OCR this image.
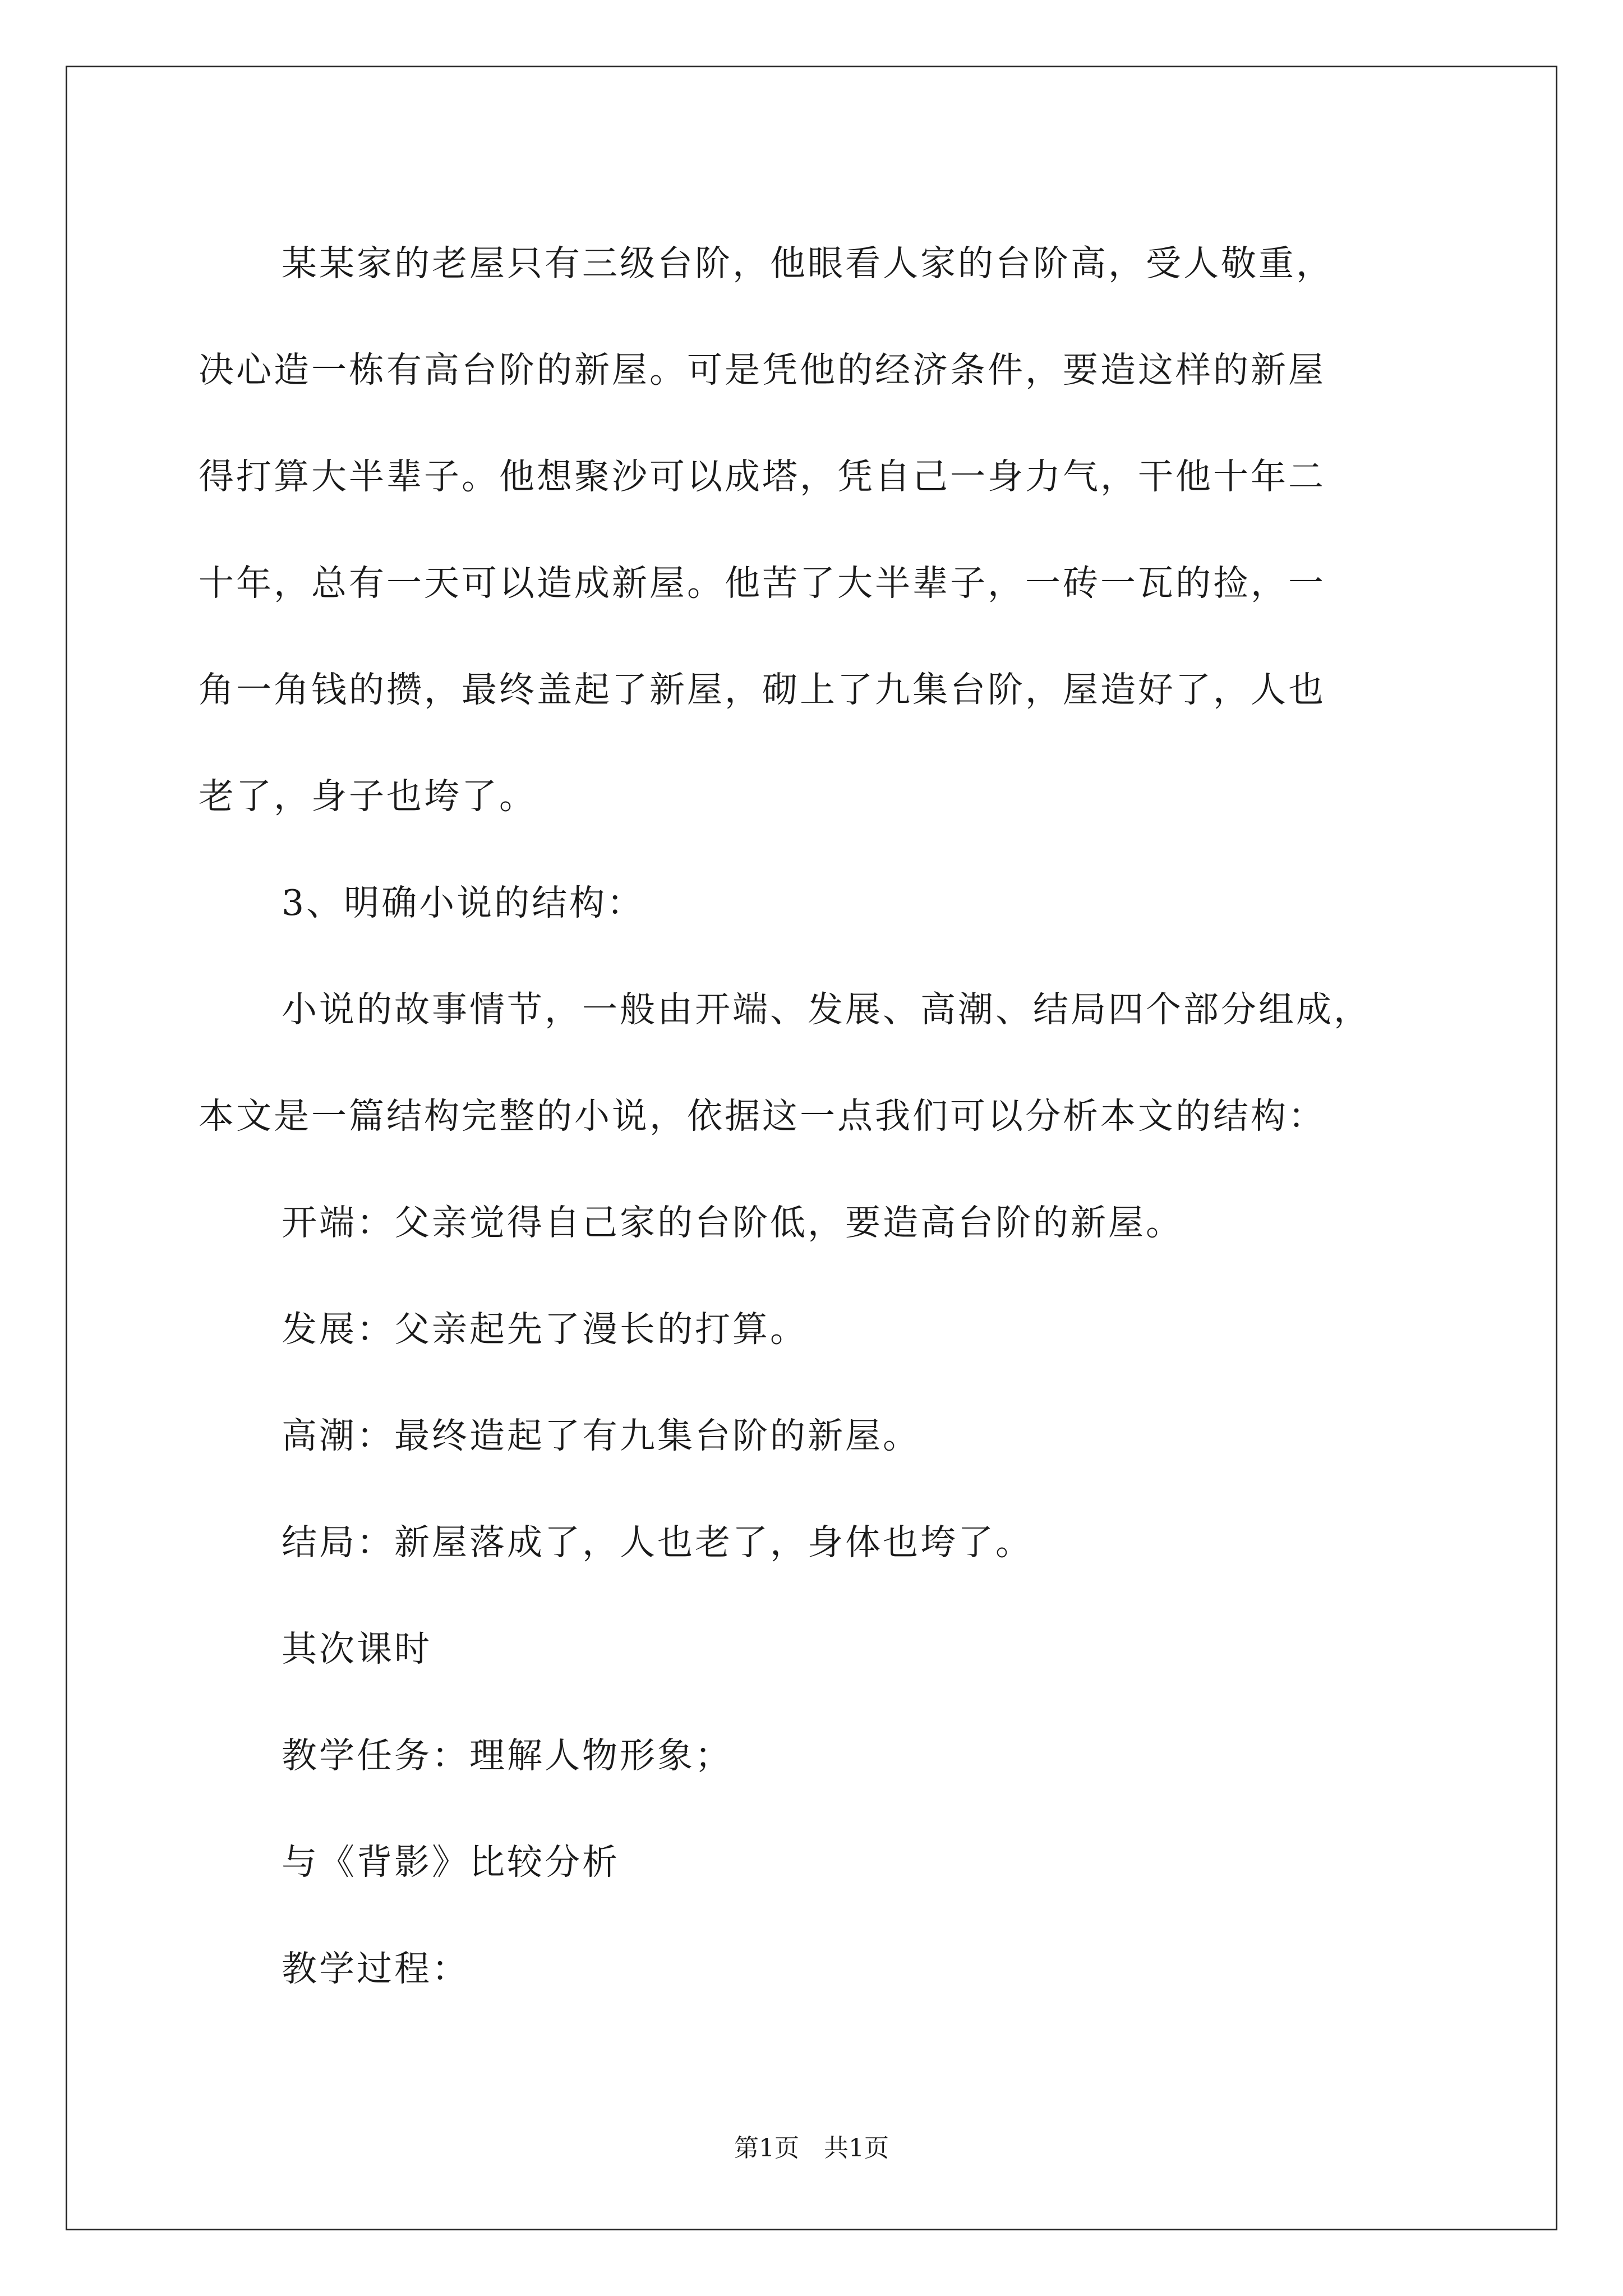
某某家的老屋只有三级台阶，他眼看人家的台阶高，受人敬重，

决心造一栋有高台阶的新屋。可是凭他的经济条件，要造这样的新屋

得打算大半辈子。他想聚沙可以成塔，凭自己一身力气，干他十年二

十年，总有一天可以造成新屋。他苦了大半辈子，一砖一瓦的捡，一

角一角钱的攒，最终盖起了新屋，砌上了九集台阶，屋造好了，人也

老了，身子也垮了。

3、明确小说的结构：

小说的故事情节，一般由开端、发展、高潮、结局四个部分组成，

本文是一篇结构完整的小说，依据这一点我们可以分析本文的结构：

开端：父亲觉得自己家的台阶低，要造高台阶的新屋。

发展：父亲起先了漫长的打算。

高潮：最终造起了有九集台阶的新屋。

结局：新屋落成了，人也老了，身体也垮了。

其次课时

教学任务：理解人物形象；

与《背影》比较分析

教学过程：

第1页　共1页
